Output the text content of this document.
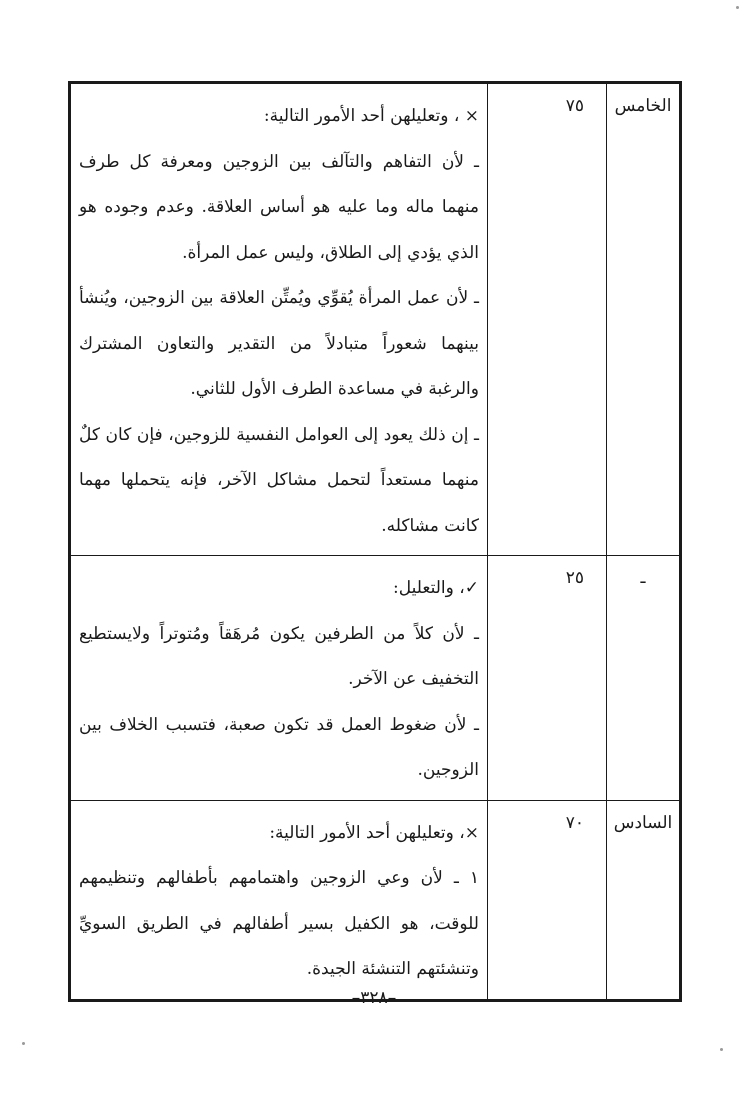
الخامس	٧٥	× ، وتعليلهن أحد الأمور التالية:

ـ لأن التفاهم والتآلف بين الزوجين ومعرفة كل طرف منهما ماله وما عليه هو أساس العلاقة. وعدم وجوده هو الذي يؤدي إلى الطلاق، وليس عمل المرأة.

ـ لأن عمل المرأة يُقوِّي ويُمتِّن العلاقة بين الزوجين، ويُنشأ بينهما شعوراً متبادلاً من التقدير والتعاون المشترك والرغبة في مساعدة الطرف الأول للثاني.

ـ إن ذلك يعود إلى العوامل النفسية للزوجين، فإن كان كلٌ منهما مستعداً لتحمل مشاكل الآخر، فإنه يتحملها مهما كانت مشاكله.

ـ	٢٥	✓، والتعليل:

ـ لأن كلاً من الطرفين يكون مُرهَقاً ومُتوتراً ولايستطيع التخفيف عن الآخر.

ـ لأن ضغوط العمل قد تكون صعبة، فتسبب الخلاف بين الزوجين.

السادس	٧٠	×، وتعليلهن أحد الأمور التالية:

١ ـ لأن وعي الزوجين واهتمامهم بأطفالهم وتنظيمهم للوقت، هو الكفيل بسير أطفالهم في الطريق السويِّ وتنشئتهم التنشئة الجيدة.

–٣٢٨–
